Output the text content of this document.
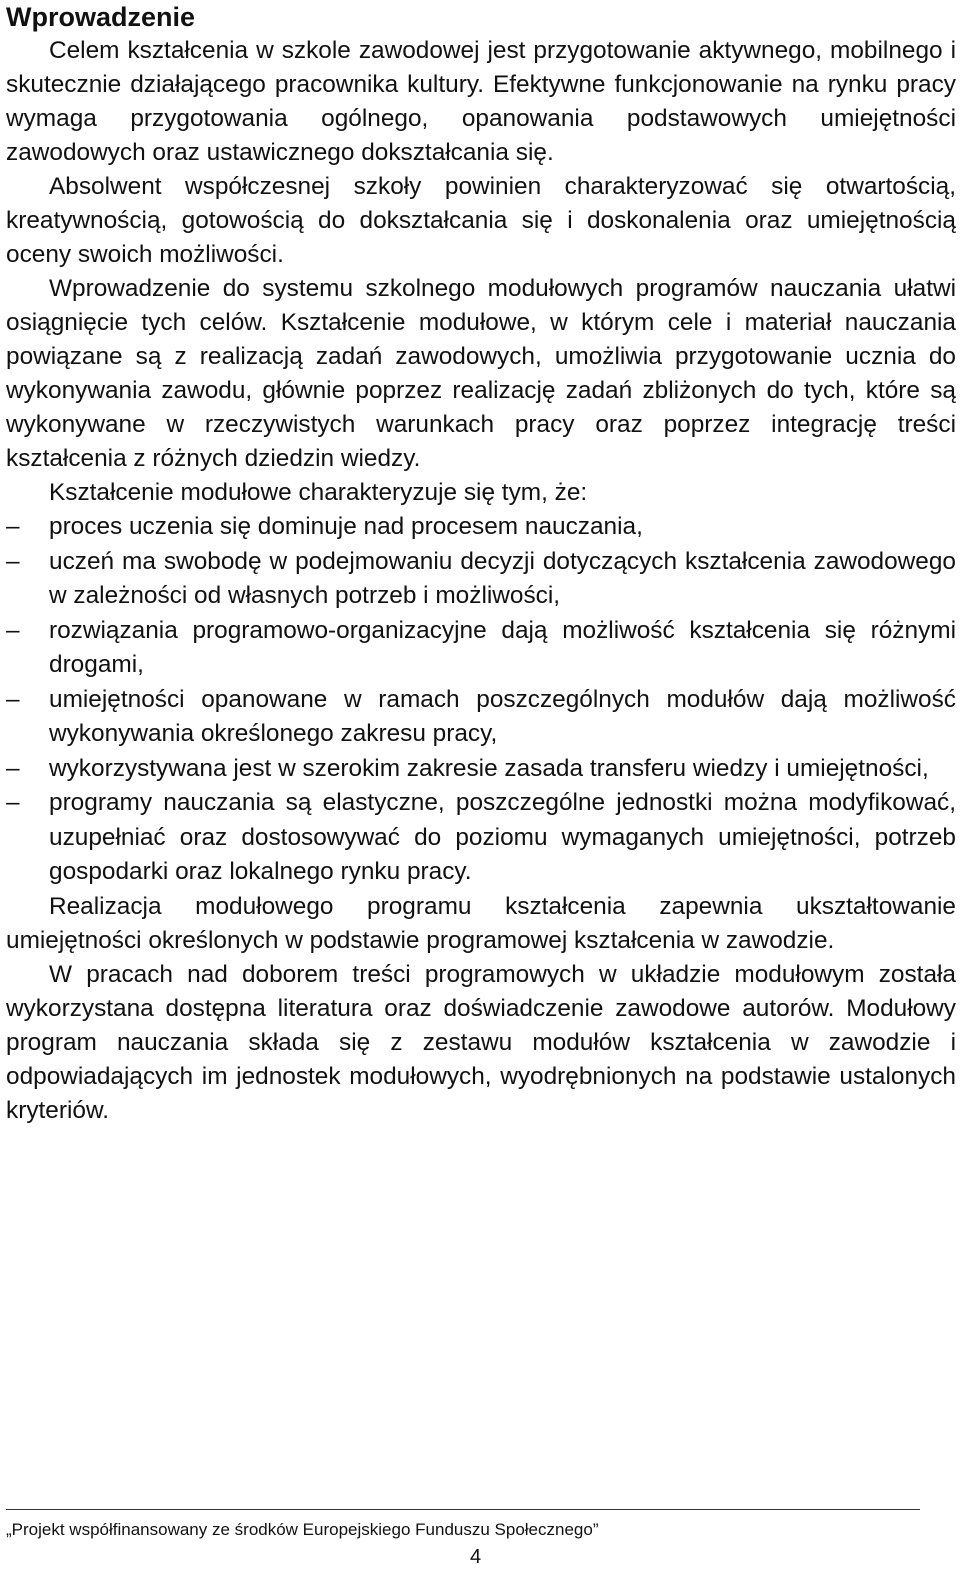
Wprowadzenie

Celem kształcenia w szkole zawodowej jest przygotowanie aktywnego, mobilnego i skutecznie działającego pracownika kultury. Efektywne funkcjonowanie na rynku pracy wymaga przygotowania ogólnego, opanowania podstawowych umiejętności zawodowych oraz ustawicznego dokształcania się.

Absolwent współczesnej szkoły powinien charakteryzować się otwartością, kreatywnością, gotowością do dokształcania się i doskonalenia oraz umiejętnością oceny swoich możliwości.

Wprowadzenie do systemu szkolnego modułowych programów nauczania ułatwi osiągnięcie tych celów. Kształcenie modułowe, w którym cele i materiał nauczania powiązane są z realizacją zadań zawodowych, umożliwia przygotowanie ucznia do wykonywania zawodu, głównie poprzez realizację zadań zbliżonych do tych, które są wykonywane w rzeczywistych warunkach pracy oraz poprzez integrację treści kształcenia z różnych dziedzin wiedzy.

Kształcenie modułowe charakteryzuje się tym, że:

–	proces uczenia się dominuje nad procesem nauczania,
–	uczeń ma swobodę w podejmowaniu decyzji dotyczących kształcenia zawodowego w zależności od własnych potrzeb i możliwości,
–	rozwiązania programowo-organizacyjne dają możliwość kształcenia się różnymi drogami,
–	umiejętności opanowane w ramach poszczególnych modułów dają możliwość wykonywania określonego zakresu pracy,
–	wykorzystywana jest w szerokim zakresie zasada transferu wiedzy i umiejętności,
–	programy nauczania są elastyczne, poszczególne jednostki można modyfikować, uzupełniać oraz dostosowywać do poziomu wymaganych umiejętności, potrzeb gospodarki oraz lokalnego rynku pracy.

Realizacja modułowego programu kształcenia zapewnia ukształtowanie umiejętności określonych w podstawie programowej kształcenia w zawodzie.

W pracach nad doborem treści programowych w układzie modułowym została wykorzystana dostępna literatura oraz doświadczenie zawodowe autorów. Modułowy program nauczania składa się z zestawu modułów kształcenia w zawodzie i odpowiadających im jednostek modułowych, wyodrębnionych na podstawie ustalonych kryteriów.

„Projekt współfinansowany ze środków Europejskiego Funduszu Społecznego”
4
